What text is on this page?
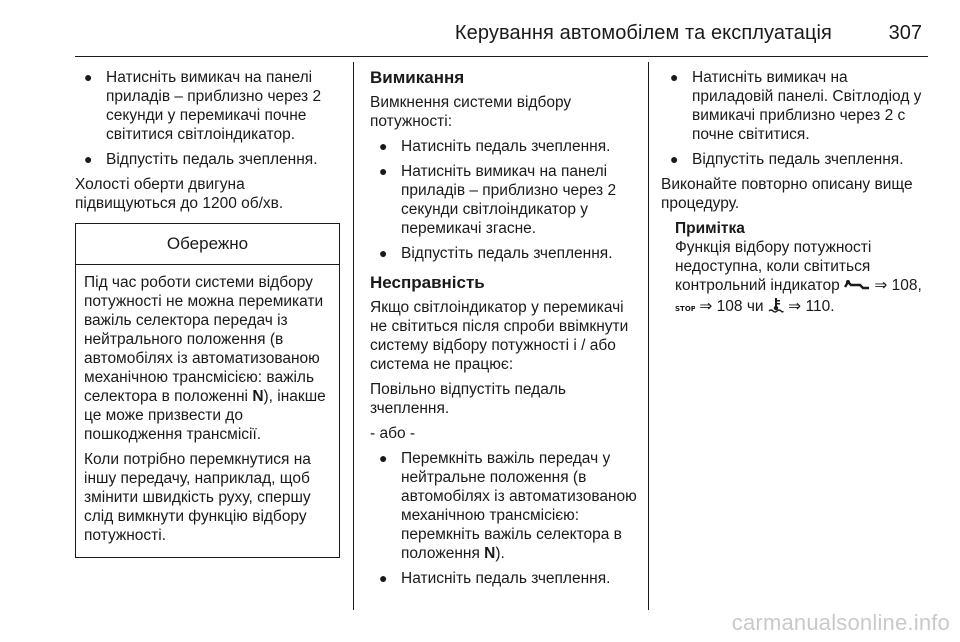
Керування автомобілем та експлуатація	307
● Натисніть вимикач на панелі приладів – приблизно через 2 секунди у перемикачі почне світитися світлоіндикатор.
● Відпустіть педаль зчеплення.

Холості оберти двигуна підвищуються до 1200 об/хв.

Обережно

Під час роботи системи відбору потужності не можна перемикати важіль селектора передач із нейтрального положення (в автомобілях із автоматизованою механічною трансмісією: важіль селектора в положенні N), інакше це може призвести до пошкодження трансмісії.

Коли потрібно перемкнутися на іншу передачу, наприклад, щоб змінити швидкість руху, спершу слід вимкнути функцію відбору потужності.

Вимикання

Вимкнення системи відбору потужності:

● Натисніть педаль зчеплення.
● Натисніть вимикач на панелі приладів – приблизно через 2 секунди світлоіндикатор у перемикачі згасне.
● Відпустіть педаль зчеплення.
Несправність

Якщо світлоіндикатор у перемикачі не світиться після спроби ввімкнути систему відбору потужності і / або система не працює:

Повільно відпустіть педаль зчеплення.

- або -

● Перемкніть важіль передач у нейтральне положення (в автомобілях із автоматизованою механічною трансмісією: перемкніть важіль селектора в положення N).
● Натисніть педаль зчеплення.
● Натисніть вимикач на приладовій панелі. Світлодіод у вимикачі приблизно через 2 с почне світитися.
● Відпустіть педаль зчеплення.

Виконайте повторно описану вище процедуру.

Примітка
Функція відбору потужності недоступна, коли світиться контрольний індикатор  ⇒ 108,

STOP ⇒ 108 чи ⇒ 110.
carmanualsonline.info
